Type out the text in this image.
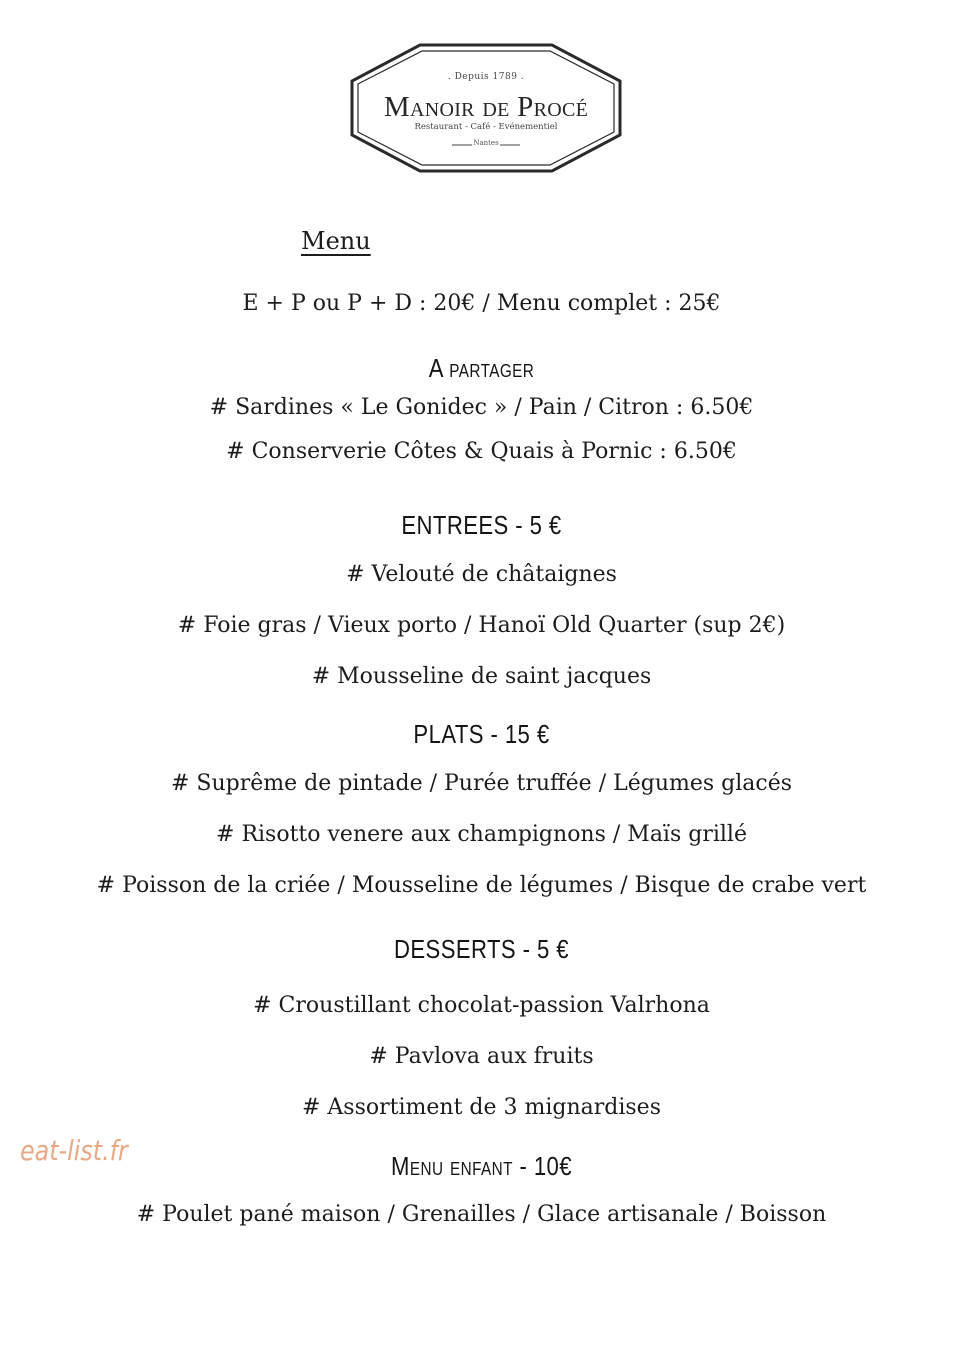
. Depuis 1789 .
Manoir de Procé
Restaurant - Café - Evénementiel
Nantes
Menu
E + P ou P + D : 20€ / Menu complet : 25€
A partager
# Sardines « Le Gonidec » / Pain / Citron : 6.50€
# Conserverie Côtes & Quais à Pornic : 6.50€
ENTREES - 5 €
# Velouté de châtaignes
# Foie gras / Vieux porto / Hanoï Old Quarter (sup 2€)
# Mousseline de saint jacques
PLATS - 15 €
# Suprême de pintade / Purée truffée / Légumes glacés
# Risotto venere aux champignons / Maïs grillé
# Poisson de la criée / Mousseline de légumes / Bisque de crabe vert
DESSERTS - 5 €
# Croustillant chocolat-passion Valrhona
# Pavlova aux fruits
# Assortiment de 3 mignardises
Menu enfant - 10€
# Poulet pané maison / Grenailles / Glace artisanale / Boisson
eat-list.fr
